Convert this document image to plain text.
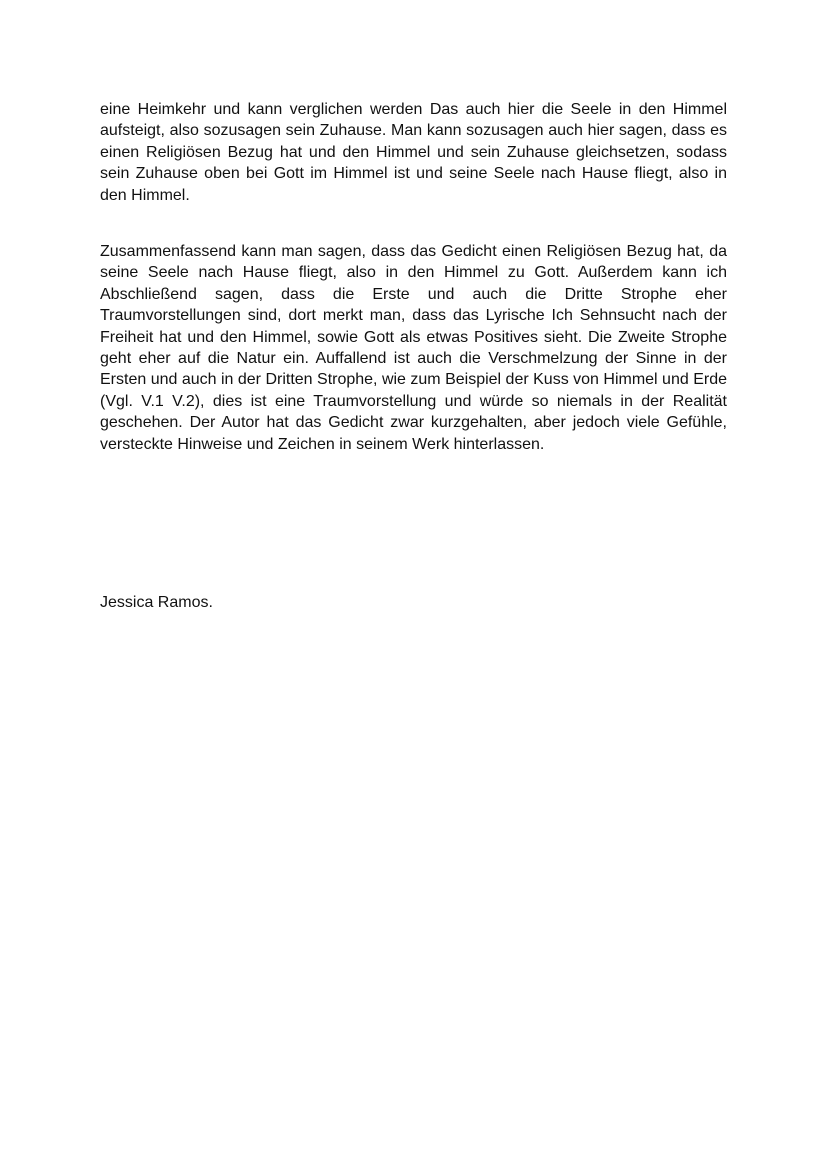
eine Heimkehr und kann verglichen werden Das auch hier die Seele in den Himmel aufsteigt, also sozusagen sein Zuhause. Man kann sozusagen auch hier sagen, dass es einen Religiösen Bezug hat und den Himmel und sein Zuhause gleichsetzen, sodass sein Zuhause oben bei Gott im Himmel ist und seine Seele nach Hause fliegt, also in den Himmel.

Zusammenfassend kann man sagen, dass das Gedicht einen Religiösen Bezug hat, da seine Seele nach Hause fliegt, also in den Himmel zu Gott. Außerdem kann ich Abschließend sagen, dass die Erste und auch die Dritte Strophe eher Traumvorstellungen sind, dort merkt man, dass das Lyrische Ich Sehnsucht nach der Freiheit hat und den Himmel, sowie Gott als etwas Positives sieht. Die Zweite Strophe geht eher auf die Natur ein. Auffallend ist auch die Verschmelzung der Sinne in der Ersten und auch in der Dritten Strophe, wie zum Beispiel der Kuss von Himmel und Erde (Vgl. V.1 V.2), dies ist eine Traumvorstellung und würde so niemals in der Realität geschehen. Der Autor hat das Gedicht zwar kurzgehalten, aber jedoch viele Gefühle, versteckte Hinweise und Zeichen in seinem Werk hinterlassen.

Jessica Ramos.
